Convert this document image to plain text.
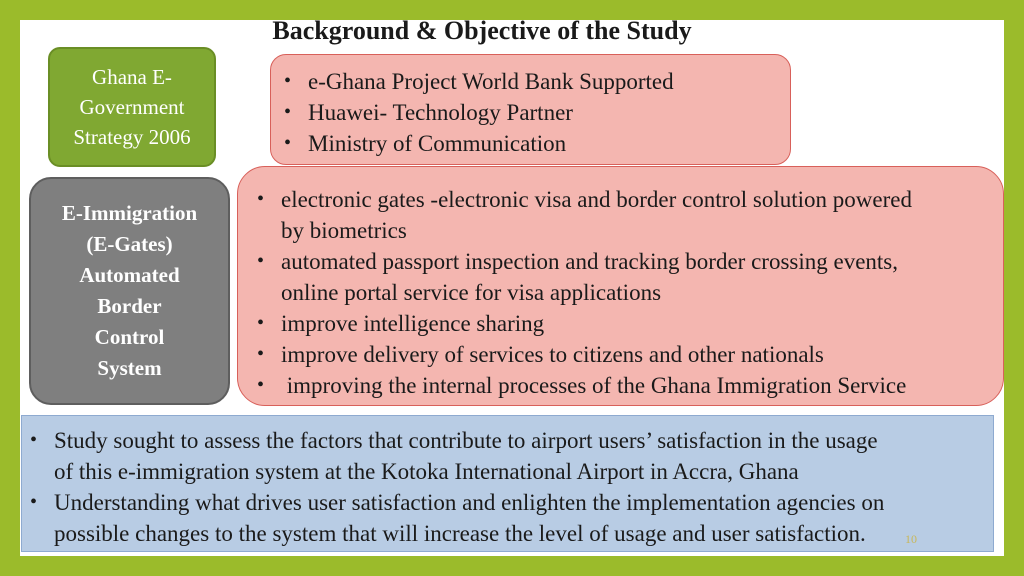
Background & Objective of the Study
Ghana E-
Government
Strategy 2006
E-Immigration
(E-Gates)
Automated
Border
Control
System
• e-Ghana Project World Bank Supported
• Huawei- Technology Partner
• Ministry of Communication
• electronic gates -electronic visa and border control solution powered
by biometrics
• automated passport inspection and tracking border crossing events,
online portal service for visa applications
• improve intelligence sharing
• improve delivery of services to citizens and other nationals
• improving the internal processes of the Ghana Immigration Service
• Study sought to assess the factors that contribute to airport users’ satisfaction in the usage
of this e-immigration system at the Kotoka International Airport in Accra, Ghana
• Understanding what drives user satisfaction and enlighten the implementation agencies on
possible changes to the system that will increase the level of usage and user satisfaction.	10
